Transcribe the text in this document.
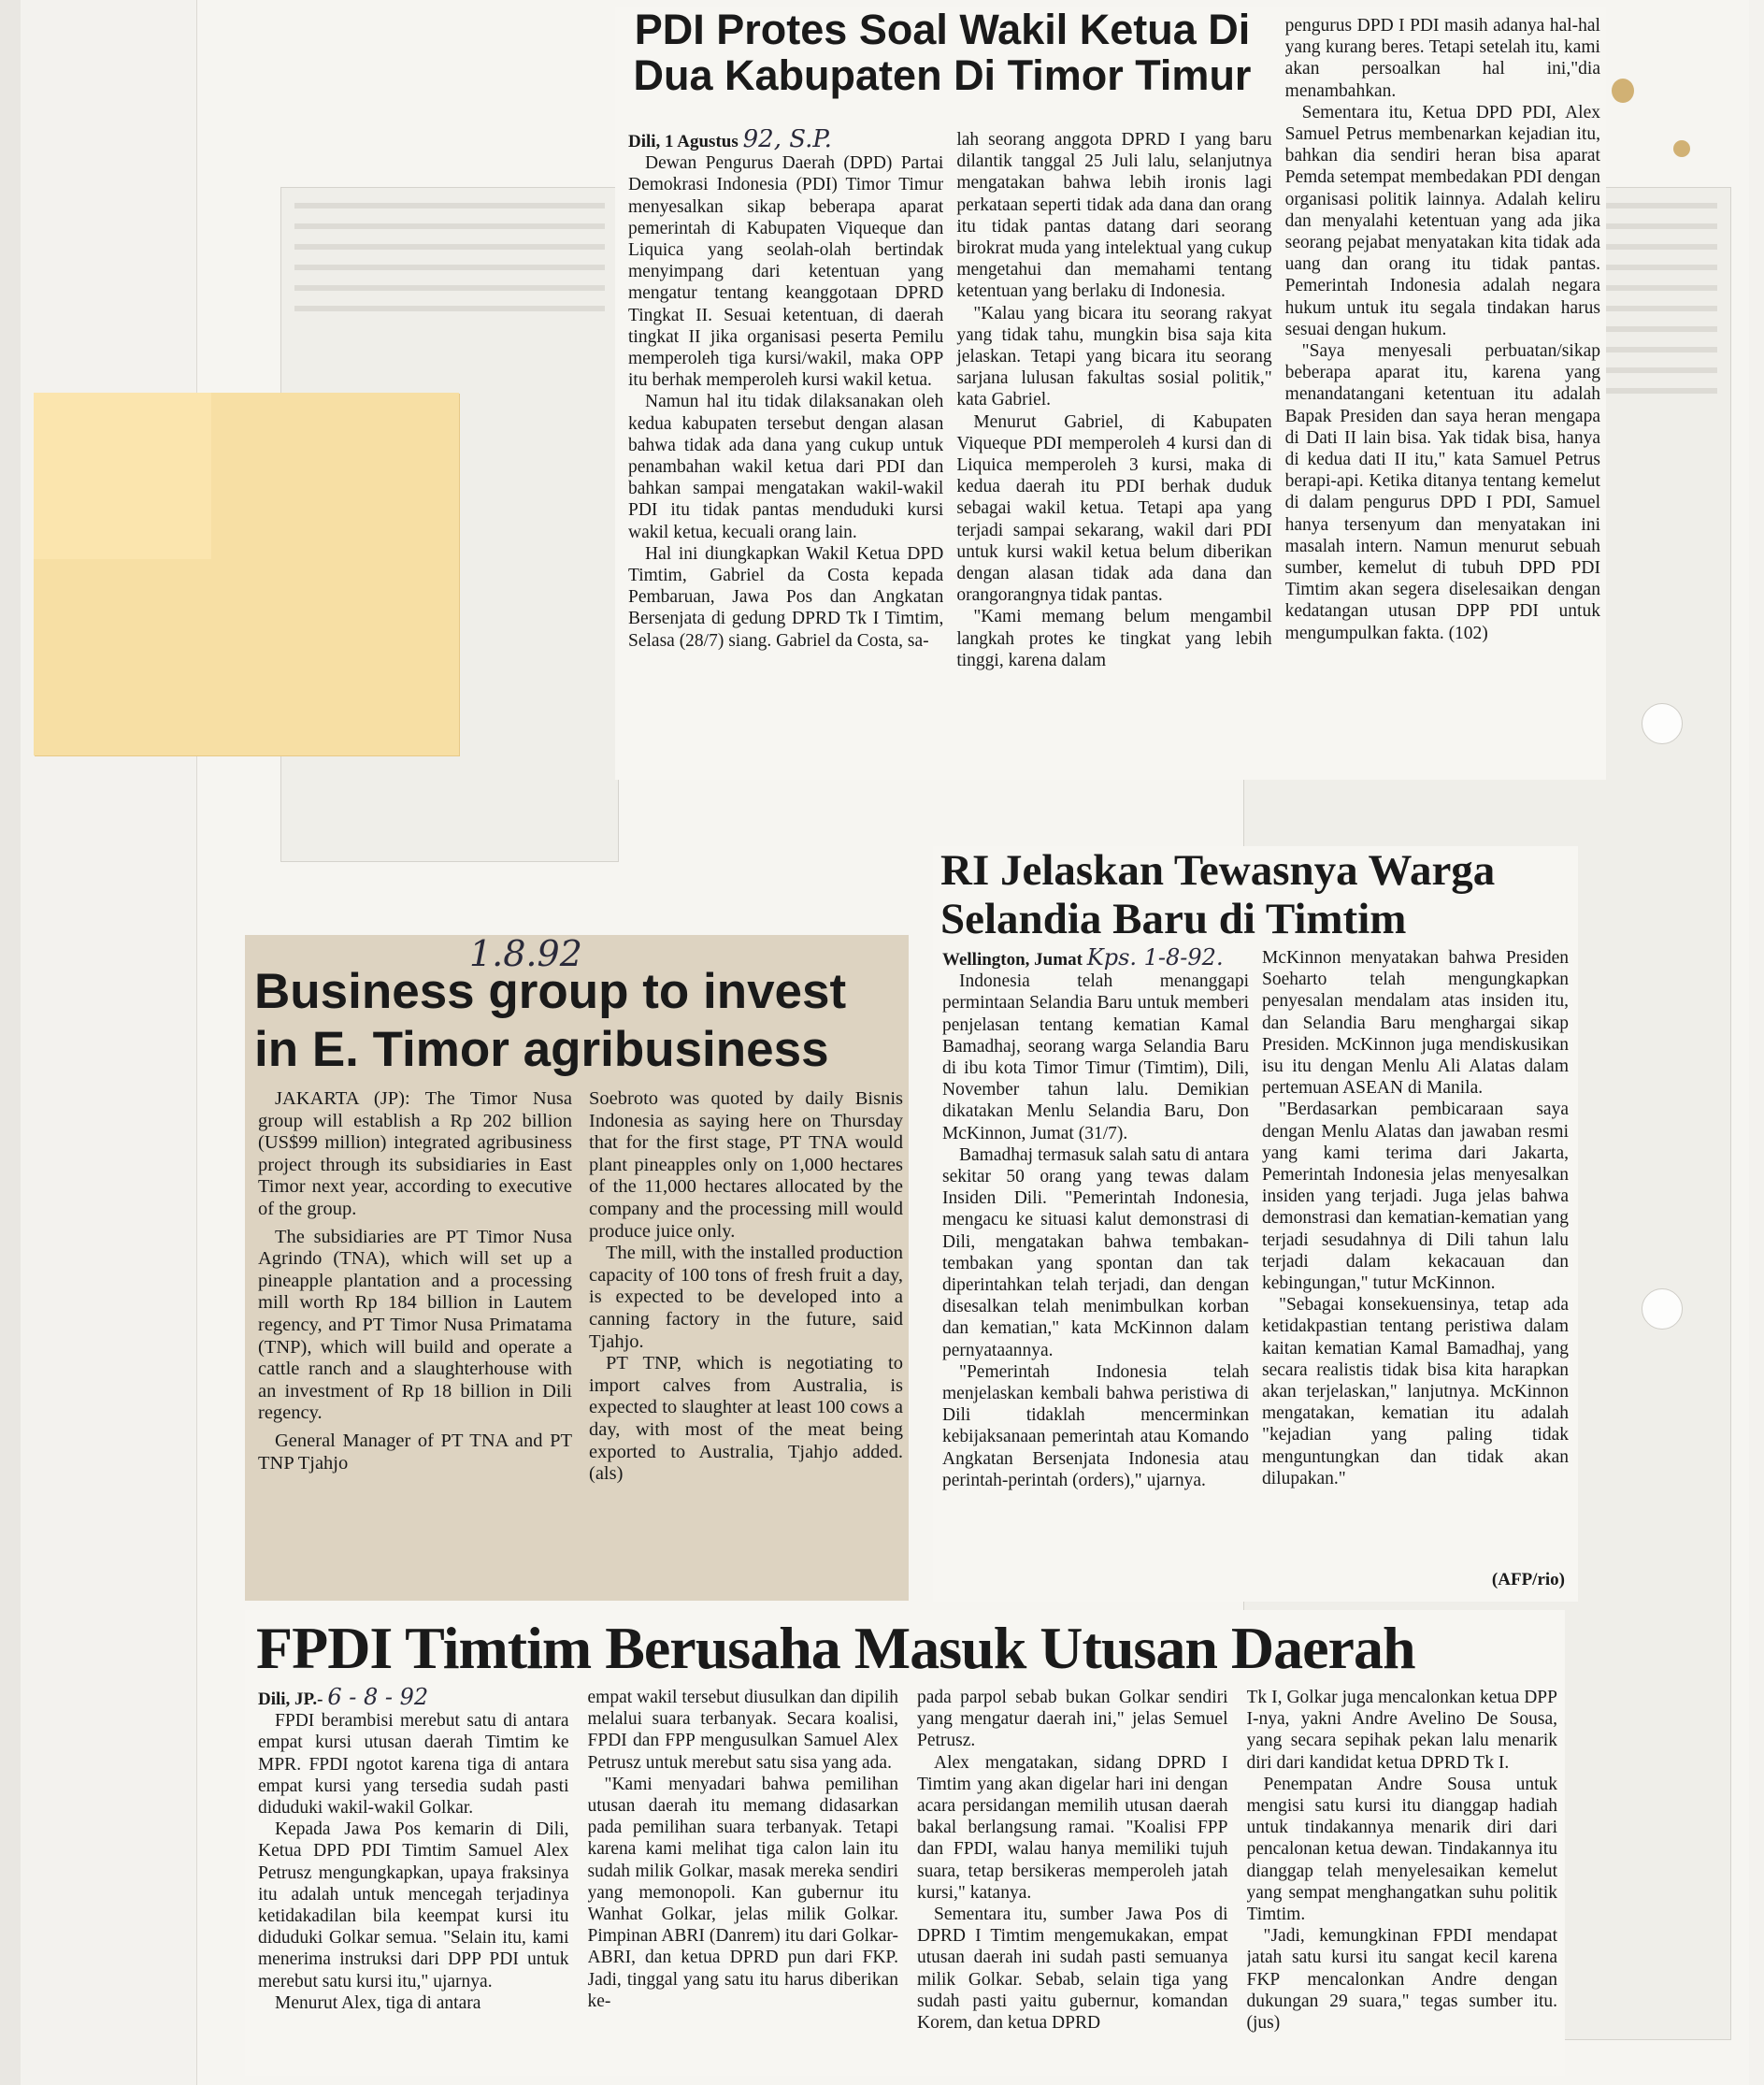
PDI Protes Soal Wakil Ketua Di
Dua Kabupaten Di Timor Timur
Dili, 1 Agustus 92, S.P.

Dewan Pengurus Daerah (DPD) Partai Demokrasi Indonesia (PDI) Timor Timur menyesalkan sikap beberapa aparat pemerintah di Kabupaten Viqueque dan Liquica yang seolah-olah bertindak menyimpang dari ketentuan yang mengatur tentang keanggotaan DPRD Tingkat II. Sesuai ketentuan, di daerah tingkat II jika organisasi peserta Pemilu memperoleh tiga kursi/wakil, maka OPP itu berhak memperoleh kursi wakil ketua.

Namun hal itu tidak dilaksanakan oleh kedua kabupaten tersebut dengan alasan bahwa tidak ada dana yang cukup untuk penambahan wakil ketua dari PDI dan bahkan sampai mengatakan wakil-wakil PDI itu tidak pantas menduduki kursi wakil ketua, kecuali orang lain.

Hal ini diungkapkan Wakil Ketua DPD Timtim, Gabriel da Costa kepada Pembaruan, Jawa Pos dan Angkatan Bersenjata di gedung DPRD Tk I Timtim, Selasa (28/7) siang. Gabriel da Costa, sa-

lah seorang anggota DPRD I yang baru dilantik tanggal 25 Juli lalu, selanjutnya mengatakan bahwa lebih ironis lagi perkataan seperti tidak ada dana dan orang itu tidak pantas datang dari seorang birokrat muda yang intelektual yang cukup mengetahui dan memahami tentang ketentuan yang berlaku di Indonesia.

"Kalau yang bicara itu seorang rakyat yang tidak tahu, mungkin bisa saja kita jelaskan. Tetapi yang bicara itu seorang sarjana lulusan fakultas sosial politik," kata Gabriel.

Menurut Gabriel, di Kabupaten Viqueque PDI memperoleh 4 kursi dan di Liquica memperoleh 3 kursi, maka di kedua daerah itu PDI berhak duduk sebagai wakil ketua. Tetapi apa yang terjadi sampai sekarang, wakil dari PDI untuk kursi wakil ketua belum diberikan dengan alasan tidak ada dana dan orangorangnya tidak pantas.

"Kami memang belum mengambil langkah protes ke tingkat yang lebih tinggi, karena dalam

pengurus DPD I PDI masih adanya hal-hal yang kurang beres. Tetapi setelah itu, kami akan persoalkan hal ini,"dia menambahkan.

Sementara itu, Ketua DPD PDI, Alex Samuel Petrus membenarkan kejadian itu, bahkan dia sendiri heran bisa aparat Pemda setempat membedakan PDI dengan organisasi politik lainnya. Adalah keliru dan menyalahi ketentuan yang ada jika seorang pejabat menyatakan kita tidak ada uang dan orang itu tidak pantas. Pemerintah Indonesia adalah negara hukum untuk itu segala tindakan harus sesuai dengan hukum.

"Saya menyesali perbuatan/sikap beberapa aparat itu, karena yang menandatangani ketentuan itu adalah Bapak Presiden dan saya heran mengapa di Dati II lain bisa. Yak tidak bisa, hanya di kedua dati II itu," kata Samuel Petrus berapi-api. Ketika ditanya tentang kemelut di dalam pengurus DPD I PDI, Samuel hanya tersenyum dan menyatakan ini masalah intern. Namun menurut sebuah sumber, kemelut di tubuh DPD PDI Timtim akan segera diselesaikan dengan kedatangan utusan DPP PDI untuk mengumpulkan fakta. (102)

1.8.92
Business group to invest
in E. Timor agribusiness

JAKARTA (JP): The Timor Nusa group will establish a Rp 202 billion (US$99 million) integrated agribusiness project through its subsidiaries in East Timor next year, according to executive of the group.

The subsidiaries are PT Timor Nusa Agrindo (TNA), which will set up a pineapple plantation and a processing mill worth Rp 184 billion in Lautem regency, and PT Timor Nusa Primatama (TNP), which will build and operate a cattle ranch and a slaughterhouse with an investment of Rp 18 billion in Dili regency.

General Manager of PT TNA and PT TNP Tjahjo

Soebroto was quoted by daily Bisnis Indonesia as saying here on Thursday that for the first stage, PT TNA would plant pineapples only on 1,000 hectares of the 11,000 hectares allocated by the company and the processing mill would produce juice only.

The mill, with the installed production capacity of 100 tons of fresh fruit a day, is expected to be developed into a canning factory in the future, said Tjahjo.

PT TNP, which is negotiating to import calves from Australia, is expected to slaughter at least 100 cows a day, with most of the meat being exported to Australia, Tjahjo added. (als)

RI Jelaskan Tewasnya Warga
Selandia Baru di Timtim
Wellington, Jumat Kps. 1-8-92.

Indonesia telah menanggapi permintaan Selandia Baru untuk memberi penjelasan tentang kematian Kamal Bamadhaj, seorang warga Selandia Baru di ibu kota Timor Timur (Timtim), Dili, November tahun lalu. Demikian dikatakan Menlu Selandia Baru, Don McKinnon, Jumat (31/7).

Bamadhaj termasuk salah satu di antara sekitar 50 orang yang tewas dalam Insiden Dili. "Pemerintah Indonesia, mengacu ke situasi kalut demonstrasi di Dili, mengatakan bahwa tembakan-tembakan yang spontan dan tak diperintahkan telah terjadi, dan dengan disesalkan telah menimbulkan korban dan kematian," kata McKinnon dalam pernyataannya.

"Pemerintah Indonesia telah menjelaskan kembali bahwa peristiwa di Dili tidaklah mencerminkan kebijaksanaan pemerintah atau Komando Angkatan Bersenjata Indonesia atau perintah-perintah (orders)," ujarnya.

McKinnon menyatakan bahwa Presiden Soeharto telah mengungkapkan penyesalan mendalam atas insiden itu, dan Selandia Baru menghargai sikap Presiden. McKinnon juga mendiskusikan isu itu dengan Menlu Ali Alatas dalam pertemuan ASEAN di Manila.

"Berdasarkan pembicaraan saya dengan Menlu Alatas dan jawaban resmi yang kami terima dari Jakarta, Pemerintah Indonesia jelas menyesalkan insiden yang terjadi. Juga jelas bahwa demonstrasi dan kematian-kematian yang terjadi sesudahnya di Dili tahun lalu terjadi dalam kekacauan dan kebingungan," tutur McKinnon.

"Sebagai konsekuensinya, tetap ada ketidakpastian tentang peristiwa dalam kaitan kematian Kamal Bamadhaj, yang secara realistis tidak bisa kita harapkan akan terjelaskan," lanjutnya. McKinnon mengatakan, kematian itu adalah "kejadian yang paling tidak menguntungkan dan tidak akan dilupakan."

(AFP/rio)
FPDI Timtim Berusaha Masuk Utusan Daerah
Dili, JP.- 6 - 8 - 92

FPDI berambisi merebut satu di antara empat kursi utusan daerah Timtim ke MPR. FPDI ngotot karena tiga di antara empat kursi yang tersedia sudah pasti diduduki wakil-wakil Golkar.

Kepada Jawa Pos kemarin di Dili, Ketua DPD PDI Timtim Samuel Alex Petrusz mengungkapkan, upaya fraksinya itu adalah untuk mencegah terjadinya ketidakadilan bila keempat kursi itu diduduki Golkar semua. "Selain itu, kami menerima instruksi dari DPP PDI untuk merebut satu kursi itu," ujarnya.

Menurut Alex, tiga di antara

empat wakil tersebut diusulkan dan dipilih melalui suara terbanyak. Secara koalisi, FPDI dan FPP mengusulkan Samuel Alex Petrusz untuk merebut satu sisa yang ada.

"Kami menyadari bahwa pemilihan utusan daerah itu memang didasarkan pada pemilihan suara terbanyak. Tetapi karena kami melihat tiga calon lain itu sudah milik Golkar, masak mereka sendiri yang memonopoli. Kan gubernur itu Wanhat Golkar, jelas milik Golkar. Pimpinan ABRI (Danrem) itu dari Golkar-ABRI, dan ketua DPRD pun dari FKP. Jadi, tinggal yang satu itu harus diberikan ke-

pada parpol sebab bukan Golkar sendiri yang mengatur daerah ini," jelas Semuel Petrusz.

Alex mengatakan, sidang DPRD I Timtim yang akan digelar hari ini dengan acara persidangan memilih utusan daerah bakal berlangsung ramai. "Koalisi FPP dan FPDI, walau hanya memiliki tujuh suara, tetap bersikeras memperoleh jatah kursi," katanya.

Sementara itu, sumber Jawa Pos di DPRD I Timtim mengemukakan, empat utusan daerah ini sudah pasti semuanya milik Golkar. Sebab, selain tiga yang sudah pasti yaitu gubernur, komandan Korem, dan ketua DPRD

Tk I, Golkar juga mencalonkan ketua DPP I-nya, yakni Andre Avelino De Sousa, yang secara sepihak pekan lalu menarik diri dari kandidat ketua DPRD Tk I.

Penempatan Andre Sousa untuk mengisi satu kursi itu dianggap hadiah untuk tindakannya menarik diri dari pencalonan ketua dewan. Tindakannya itu dianggap telah menyelesaikan kemelut yang sempat menghangatkan suhu politik Timtim.

"Jadi, kemungkinan FPDI mendapat jatah satu kursi itu sangat kecil karena FKP mencalonkan Andre dengan dukungan 29 suara," tegas sumber itu. (jus)
